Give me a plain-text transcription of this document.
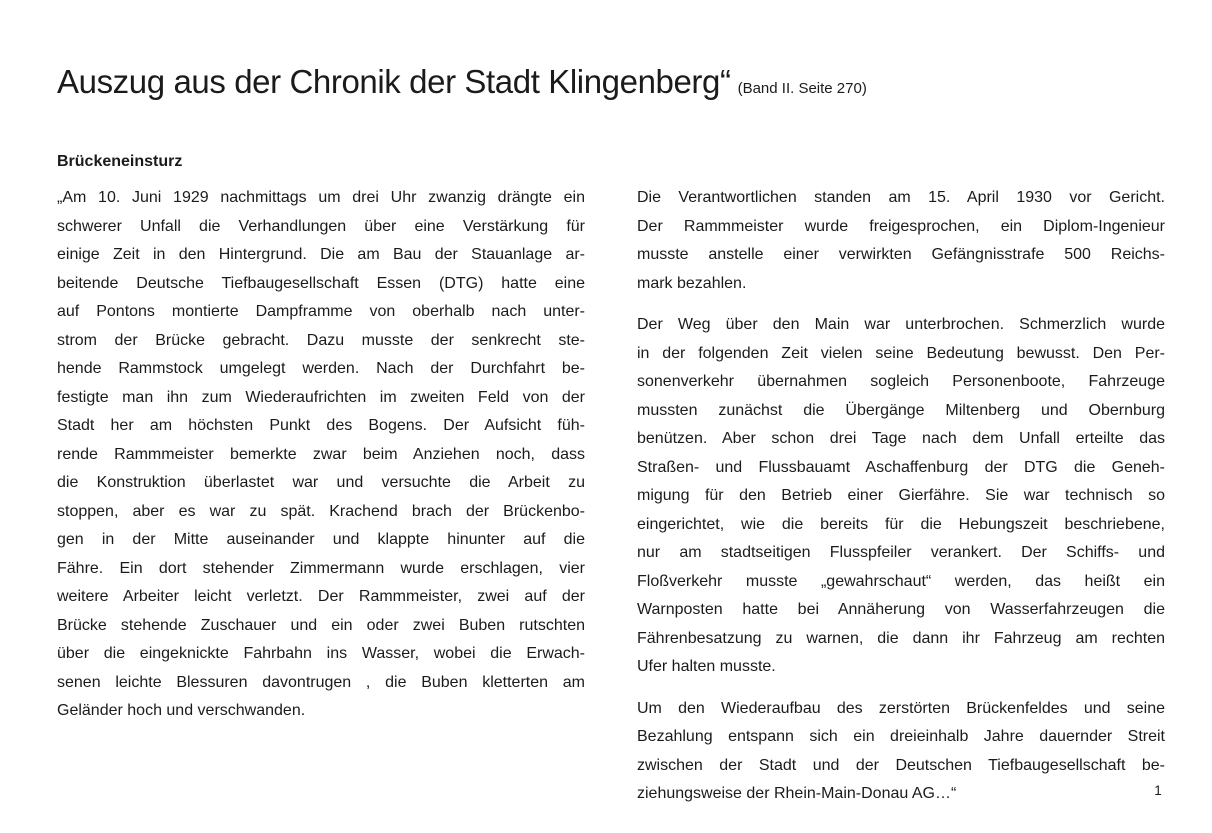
Auszug aus der Chronik der Stadt Klingenberg“ (Band II. Seite 270)
Brückeneinsturz
„Am 10. Juni 1929 nachmittags um drei Uhr zwanzig drängte ein
schwerer Unfall die Verhandlungen über eine Verstärkung für
einige Zeit in den Hintergrund. Die am Bau der Stauanlage ar-
beitende Deutsche Tiefbaugesellschaft Essen (DTG) hatte eine
auf Pontons montierte Dampframme von oberhalb nach unter-
strom der Brücke gebracht. Dazu musste der senkrecht ste-
hende Rammstock umgelegt werden. Nach der Durchfahrt be-
festigte man ihn zum Wiederaufrichten im zweiten Feld von der
Stadt her am höchsten Punkt des Bogens. Der Aufsicht füh-
rende Rammmeister bemerkte zwar beim Anziehen noch, dass
die Konstruktion überlastet war und versuchte die Arbeit zu
stoppen, aber es war zu spät. Krachend brach der Brückenbo-
gen in der Mitte auseinander und klappte hinunter auf die
Fähre. Ein dort stehender Zimmermann wurde erschlagen, vier
weitere Arbeiter leicht verletzt. Der Rammmeister, zwei auf der
Brücke stehende Zuschauer und ein oder zwei Buben rutschten
über die eingeknickte Fahrbahn ins Wasser, wobei die Erwach-
senen leichte Blessuren davontrugen , die Buben kletterten am
Geländer hoch und verschwanden.
Die Verantwortlichen standen am 15. April 1930 vor Gericht.
Der Rammmeister wurde freigesprochen, ein Diplom-Ingenieur
musste anstelle einer verwirkten Gefängnisstrafe 500 Reichs-
mark bezahlen.
Der Weg über den Main war unterbrochen. Schmerzlich wurde
in der folgenden Zeit vielen seine Bedeutung bewusst. Den Per-
sonenverkehr übernahmen sogleich Personenboote, Fahrzeuge
mussten zunächst die Übergänge Miltenberg und Obernburg
benützen. Aber schon drei Tage nach dem Unfall erteilte das
Straßen- und Flussbauamt Aschaffenburg der DTG die Geneh-
migung für den Betrieb einer Gierfähre. Sie war technisch so
eingerichtet, wie die bereits für die Hebungszeit beschriebene,
nur am stadtseitigen Flusspfeiler verankert. Der Schiffs- und
Floßverkehr musste „gewahrschaut“ werden, das heißt ein
Warnposten hatte bei Annäherung von Wasserfahrzeugen die
Fährenbesatzung zu warnen, die dann ihr Fahrzeug am rechten
Ufer halten musste.
Um den Wiederaufbau des zerstörten Brückenfeldes und seine
Bezahlung entspann sich ein dreieinhalb Jahre dauernder Streit
zwischen der Stadt und der Deutschen Tiefbaugesellschaft be-
ziehungsweise der Rhein-Main-Donau AG…“	1
